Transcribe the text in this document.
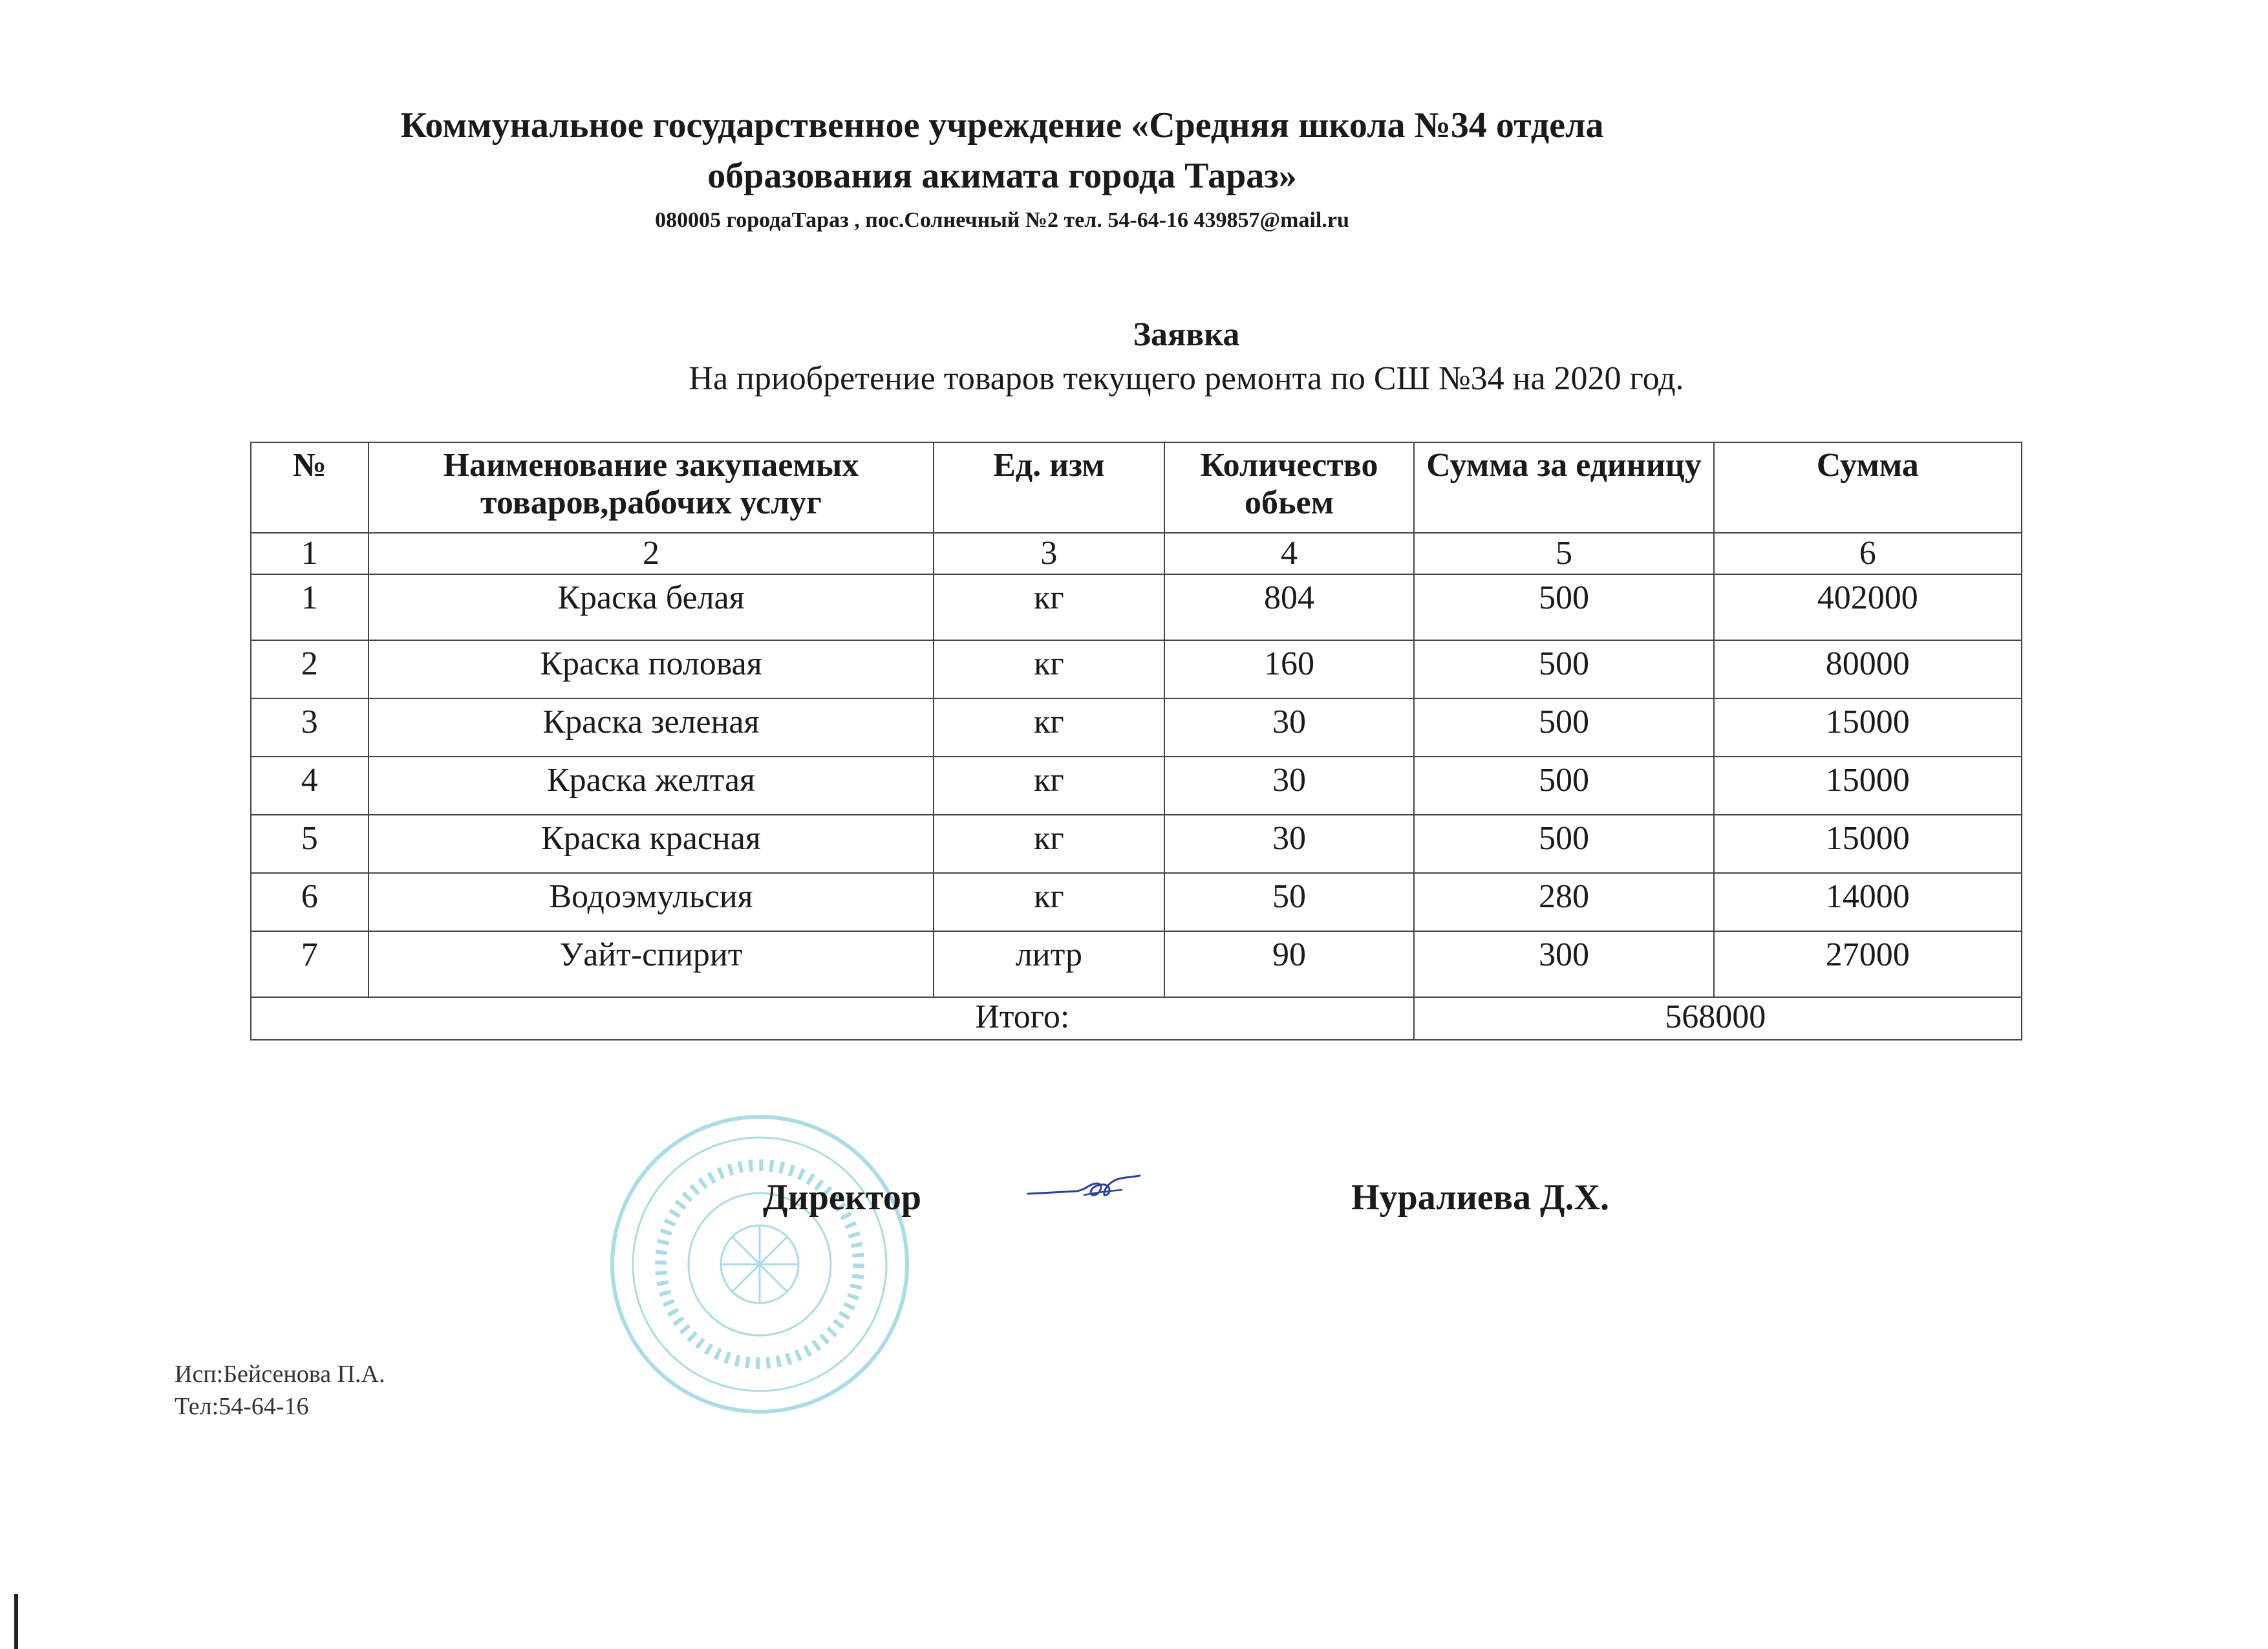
Коммунальное государственное учреждение «Средняя школа №34 отдела
образования акимата города Тараз»
080005 городаТараз , пос.Солнечный №2 тел. 54-64-16 439857@mail.ru
Заявка
На приобретение товаров текущего ремонта по СШ №34 на 2020 год.
№	Наименование закупаемых товаров,рабочих услуг	Ед. изм	Количество обьем	Сумма за единицу	Сумма
1	2	3	4	5	6
1	Краска белая	кг	804	500	402000
2	Краска половая	кг	160	500	80000
3	Краска зеленая	кг	30	500	15000
4	Краска желтая	кг	30	500	15000
5	Краска красная	кг	30	500	15000
6	Водоэмульсия	кг	50	280	14000
7	Уайт-спирит	литр	90	300	27000
Итого:				568000	
Директор	Нуралиева Д.Х.
Исп:Бейсенова П.А.
Тел:54-64-16
